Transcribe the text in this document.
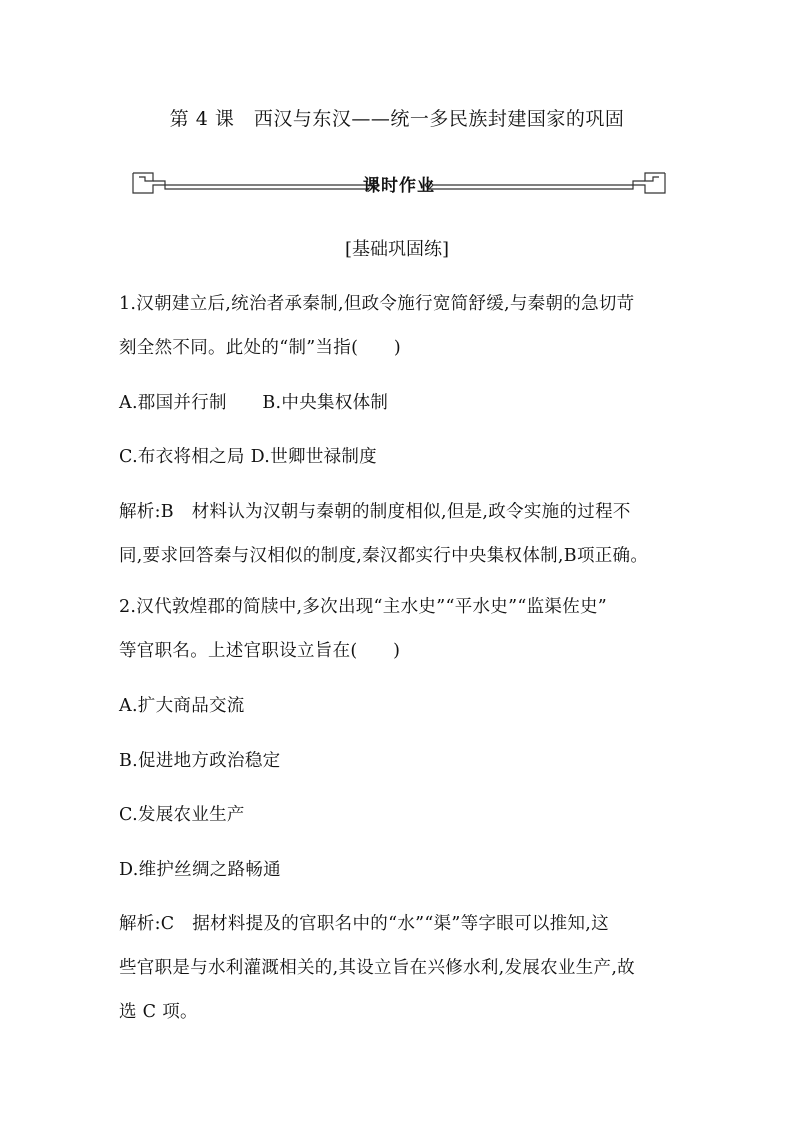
第 4 课　西汉与东汉——统一多民族封建国家的巩固
课时作业
[基础巩固练]
1.汉朝建立后,统治者承秦制,但政令施行宽简舒缓,与秦朝的急切苛
刻全然不同。此处的“制”当指(　　)
A.郡国并行制　　B.中央集权体制
C.布衣将相之局 D.世卿世禄制度
解析:B　材料认为汉朝与秦朝的制度相似,但是,政令实施的过程不
同,要求回答秦与汉相似的制度,秦汉都实行中央集权体制,B项正确。
2.汉代敦煌郡的简牍中,多次出现“主水史”“平水史”“监渠佐史”
等官职名。上述官职设立旨在(　　)
A.扩大商品交流
B.促进地方政治稳定
C.发展农业生产
D.维护丝绸之路畅通
解析:C　据材料提及的官职名中的“水”“渠”等字眼可以推知,这
些官职是与水利灌溉相关的,其设立旨在兴修水利,发展农业生产,故
选 C 项。
